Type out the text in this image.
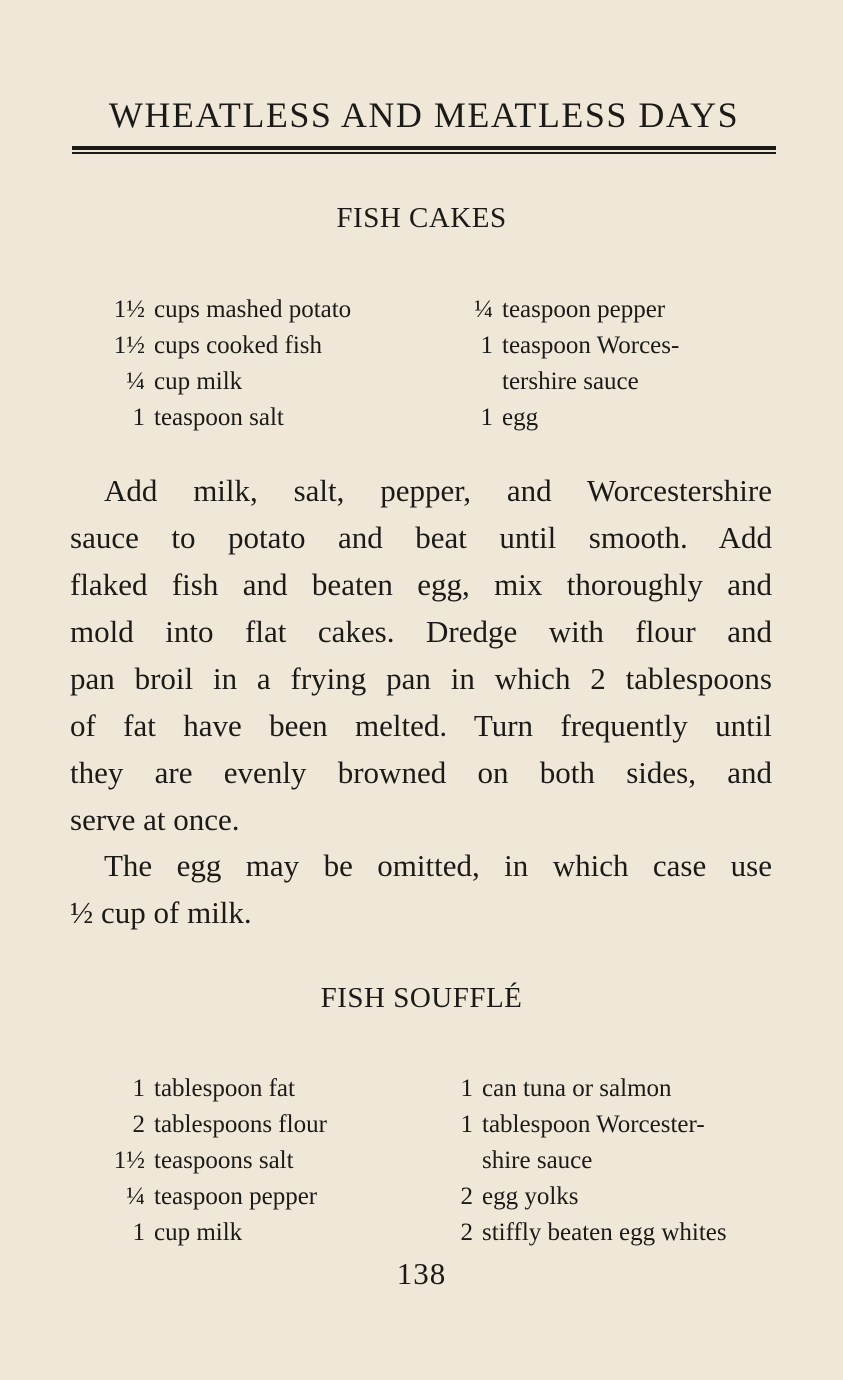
WHEATLESS AND MEATLESS DAYS
FISH CAKES
1½ cups mashed potato
1½ cups cooked fish
¼ cup milk
1 teaspoon salt
¼ teaspoon pepper
1 teaspoon Worces-
tershire sauce
1 egg
Add milk, salt, pepper, and Worcestershire
sauce to potato and beat until smooth. Add
flaked fish and beaten egg, mix thoroughly and
mold into flat cakes. Dredge with flour and
pan broil in a frying pan in which 2 tablespoons
of fat have been melted. Turn frequently until
they are evenly browned on both sides, and
serve at once.
The egg may be omitted, in which case use
½ cup of milk.
FISH SOUFFLÉ
1 tablespoon fat
2 tablespoons flour
1½ teaspoons salt
¼ teaspoon pepper
1 cup milk
1 can tuna or salmon
1 tablespoon Worcester-
shire sauce
2 egg yolks
2 stiffly beaten egg whites
138
